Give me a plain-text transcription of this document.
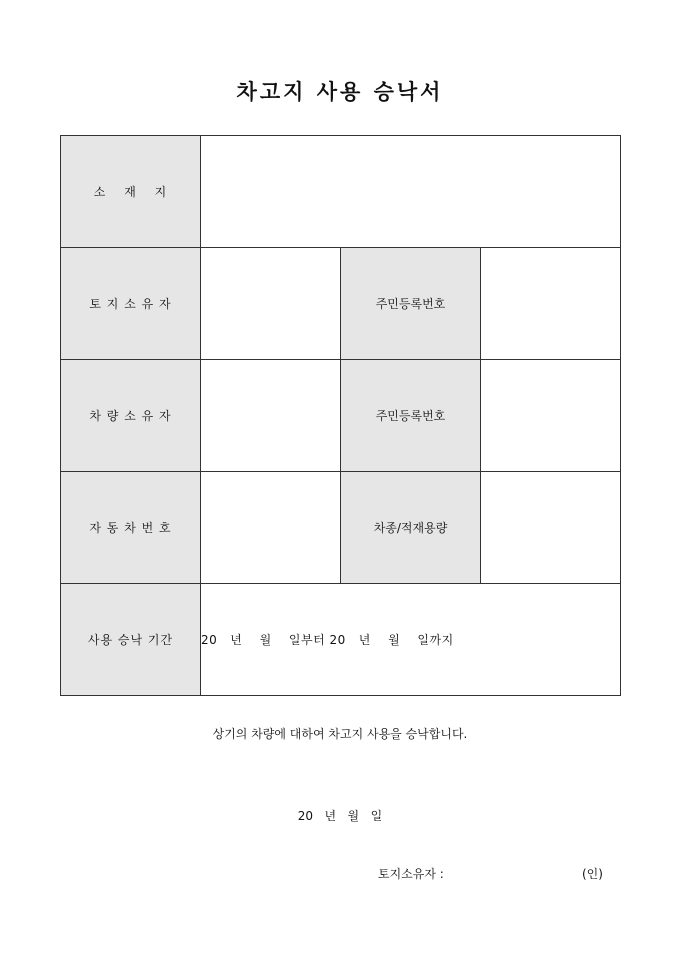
차고지 사용 승낙서
소　 재　 지			
토 지 소 유 자		주민등록번호	
차 량 소 유 자		주민등록번호	
자 동 차 번 호		차종/적재용량	
사용 승낙 기간	20   년    월    일부터 20   년    월    일까지		
상기의 차량에 대하여 차고지 사용을 승낙합니다.
20   년   월   일
토지소유자 :	(인)
